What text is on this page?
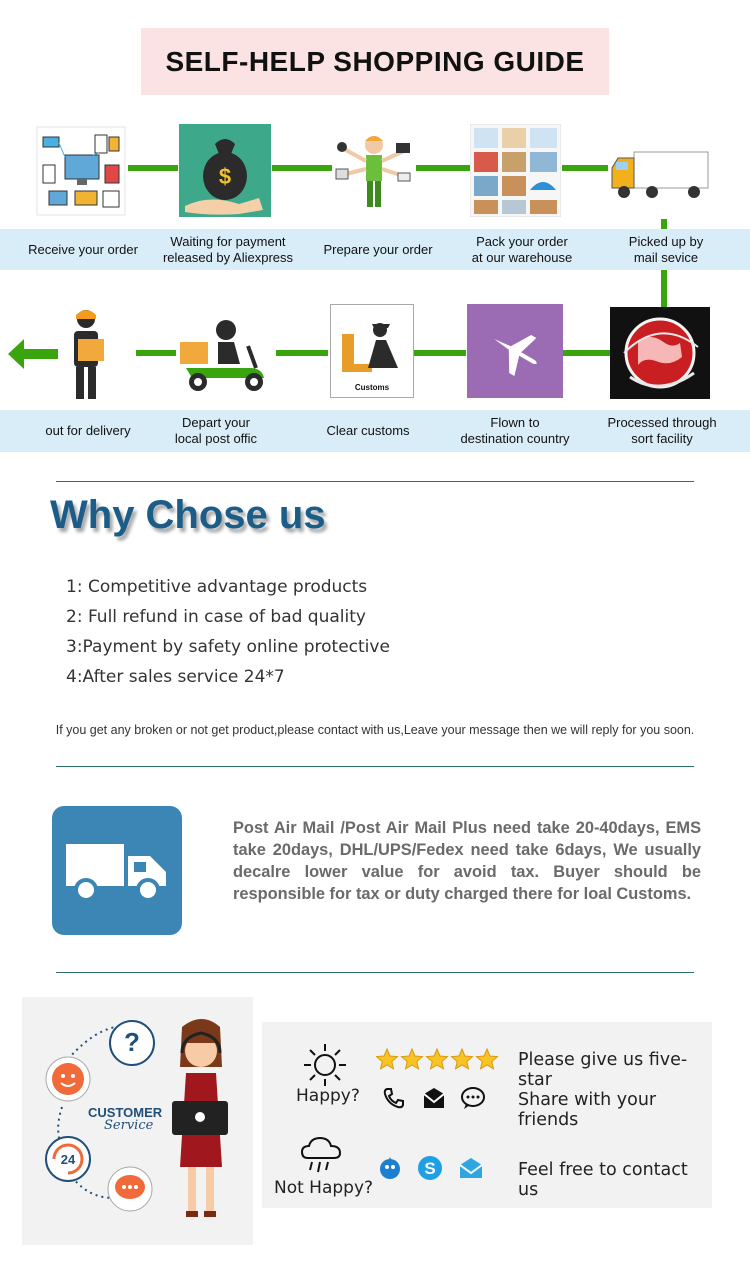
SELF-HELP SHOPPING GUIDE
$
Receive your order
Waiting for payment
released by Aliexpress
Prepare your order
Pack your order
at our warehouse
Picked up by
mail sevice
Customs
out for delivery
Depart your
local post offic
Clear customs
Flown to
destination country
Processed through
sort facility
Why Chose us
1: Competitive advantage products
2: Full refund in case of bad quality
3:Payment by safety online protective
4:After sales service 24*7
If you get any broken or not get product,please contact with us,Leave your message then we will reply for you soon.
Post Air Mail /Post Air Mail Plus need take 20-40days, EMS take 20days, DHL/UPS/Fedex need take 6days, We usually decalre lower value for avoid tax. Buyer should be responsible for tax or duty charged there for loal Customs.
?
24
CUSTOMER
Service
Happy?
Please give us five-star
Share with your friends
Not Happy?
S	Feel free to contact us
